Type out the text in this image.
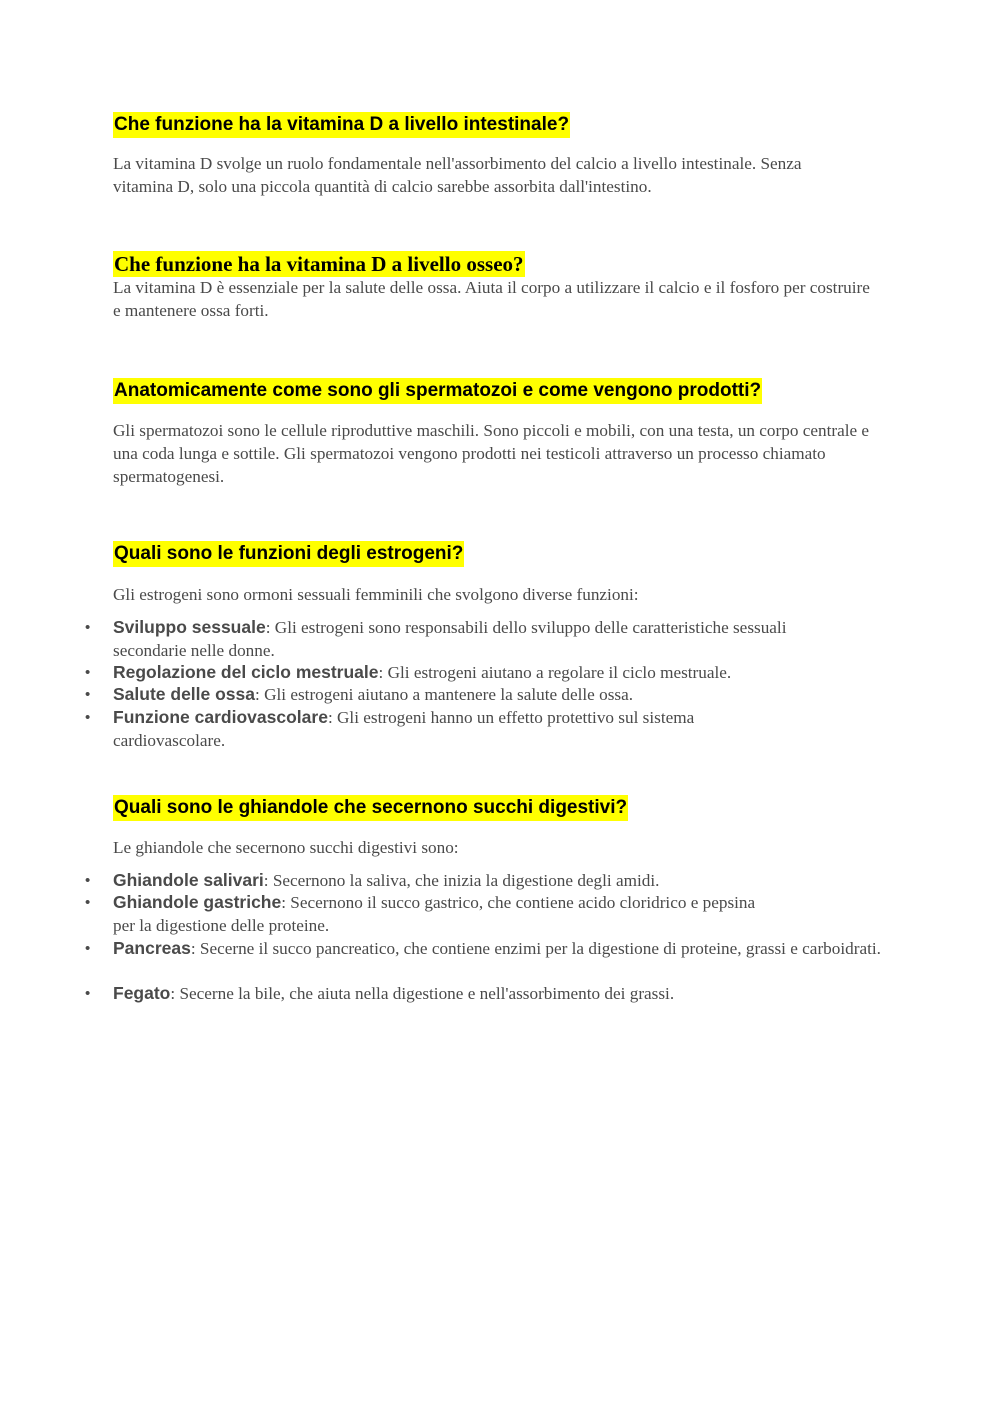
Che funzione ha la vitamina D a livello intestinale?

La vitamina D svolge un ruolo fondamentale nell'assorbimento del calcio a livello intestinale. Senza vitamina D, solo una piccola quantità di calcio sarebbe assorbita dall'intestino.

Che funzione ha la vitamina D a livello osseo?

La vitamina D è essenziale per la salute delle ossa. Aiuta il corpo a utilizzare il calcio e il fosforo per costruire e mantenere ossa forti.

Anatomicamente come sono gli spermatozoi e come vengono prodotti?

Gli spermatozoi sono le cellule riproduttive maschili. Sono piccoli e mobili, con una testa, un corpo centrale e una coda lunga e sottile. Gli spermatozoi vengono prodotti nei testicoli attraverso un processo chiamato spermatogenesi.

Quali sono le funzioni degli estrogeni?

Gli estrogeni sono ormoni sessuali femminili che svolgono diverse funzioni:

• Sviluppo sessuale: Gli estrogeni sono responsabili dello sviluppo delle caratteristiche sessuali secondarie nelle donne.
• Regolazione del ciclo mestruale: Gli estrogeni aiutano a regolare il ciclo mestruale.
• Salute delle ossa: Gli estrogeni aiutano a mantenere la salute delle ossa.
• Funzione cardiovascolare: Gli estrogeni hanno un effetto protettivo sul sistema cardiovascolare.
Quali sono le ghiandole che secernono succhi digestivi?

Le ghiandole che secernono succhi digestivi sono:

• Ghiandole salivari: Secernono la saliva, che inizia la digestione degli amidi.
• Ghiandole gastriche: Secernono il succo gastrico, che contiene acido cloridrico e pepsina per la digestione delle proteine.
• Pancreas: Secerne il succo pancreatico, che contiene enzimi per la digestione di proteine, grassi e carboidrati.
• Fegato: Secerne la bile, che aiuta nella digestione e nell'assorbimento dei grassi.
